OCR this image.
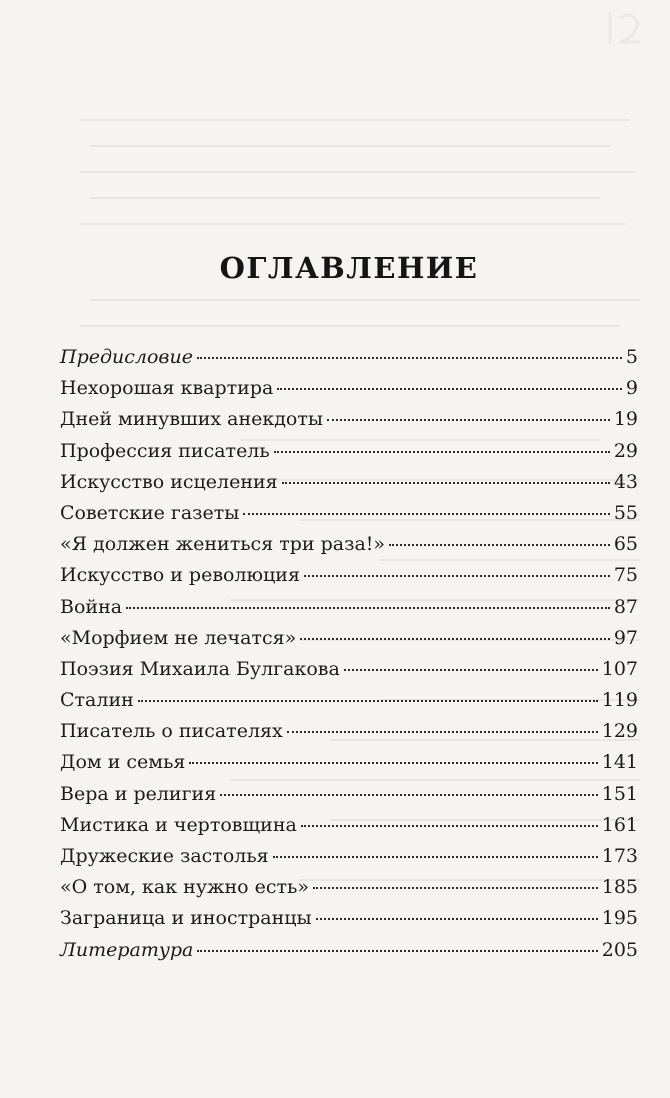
ОГЛАВЛЕНИЕ
Предисловие	5
Нехорошая квартира	9
Дней минувших анекдоты	19
Профессия писатель	29
Искусство исцеления	43
Советские газеты	55
«Я должен жениться три раза!»	65
Искусство и революция	75
Война	87
«Морфием не лечатся»	97
Поэзия Михаила Булгакова	107
Сталин	119
Писатель о писателях	129
Дом и семья	141
Вера и религия	151
Мистика и чертовщина	161
Дружеские застолья	173
«О том, как нужно есть»	185
Заграница и иностранцы	195
Литература	205
